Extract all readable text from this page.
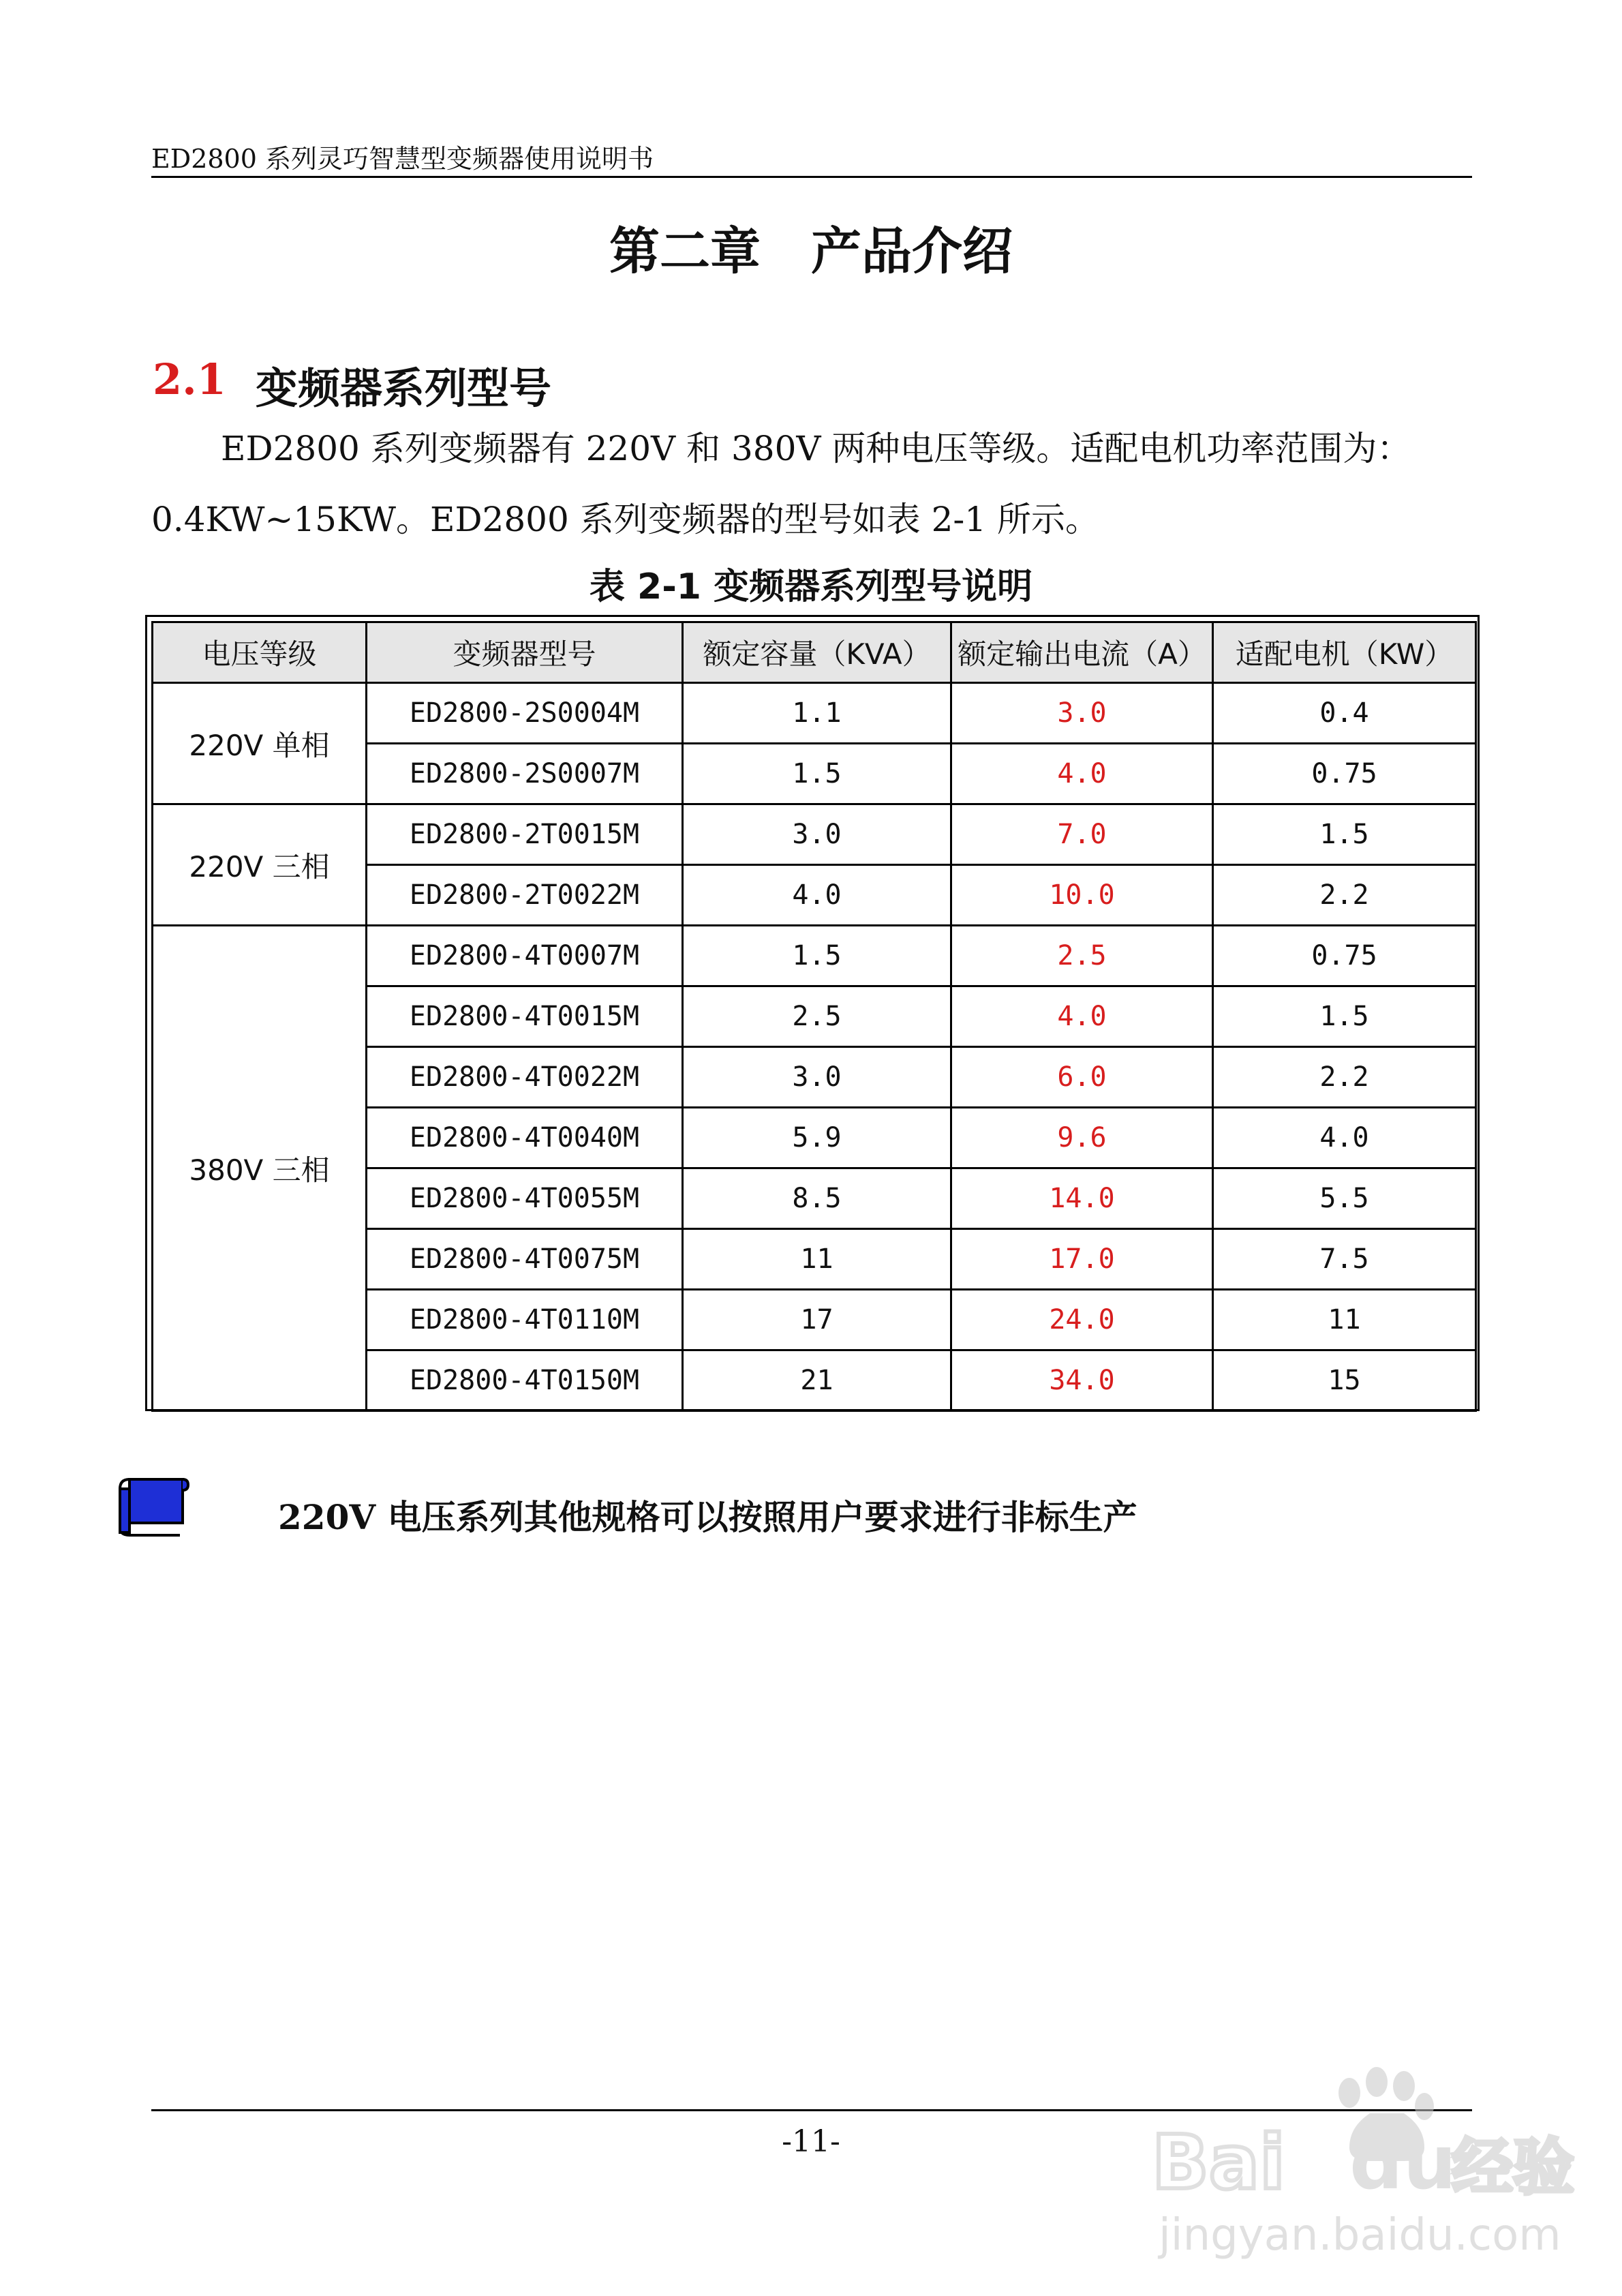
ED2800 系列灵巧智慧型变频器使用说明书
第二章　产品介绍
2.1 变频器系列型号
ED2800 系列变频器有 220V 和 380V 两种电压等级。适配电机功率范围为：
0.4KW~15KW。ED2800 系列变频器的型号如表 2-1 所示。
表 2-1 变频器系列型号说明
电压等级	变频器型号	额定容量（KVA）	额定输出电流（A）	适配电机（KW）
220V 单相	ED2800-2S0004M	1.1	3.0	0.4
	ED2800-2S0007M	1.5	4.0	0.75
220V 三相	ED2800-2T0015M	3.0	7.0	1.5
	ED2800-2T0022M	4.0	10.0	2.2
380V 三相	ED2800-4T0007M	1.5	2.5	0.75
	ED2800-4T0015M	2.5	4.0	1.5
	ED2800-4T0022M	3.0	6.0	2.2
	ED2800-4T0040M	5.9	9.6	4.0
	ED2800-4T0055M	8.5	14.0	5.5
	ED2800-4T0075M	11	17.0	7.5
	ED2800-4T0110M	17	24.0	11
	ED2800-4T0150M	21	34.0	15
220V 电压系列其他规格可以按照用户要求进行非标生产
-11-	Bai du
经验
jingyan.baidu.com
